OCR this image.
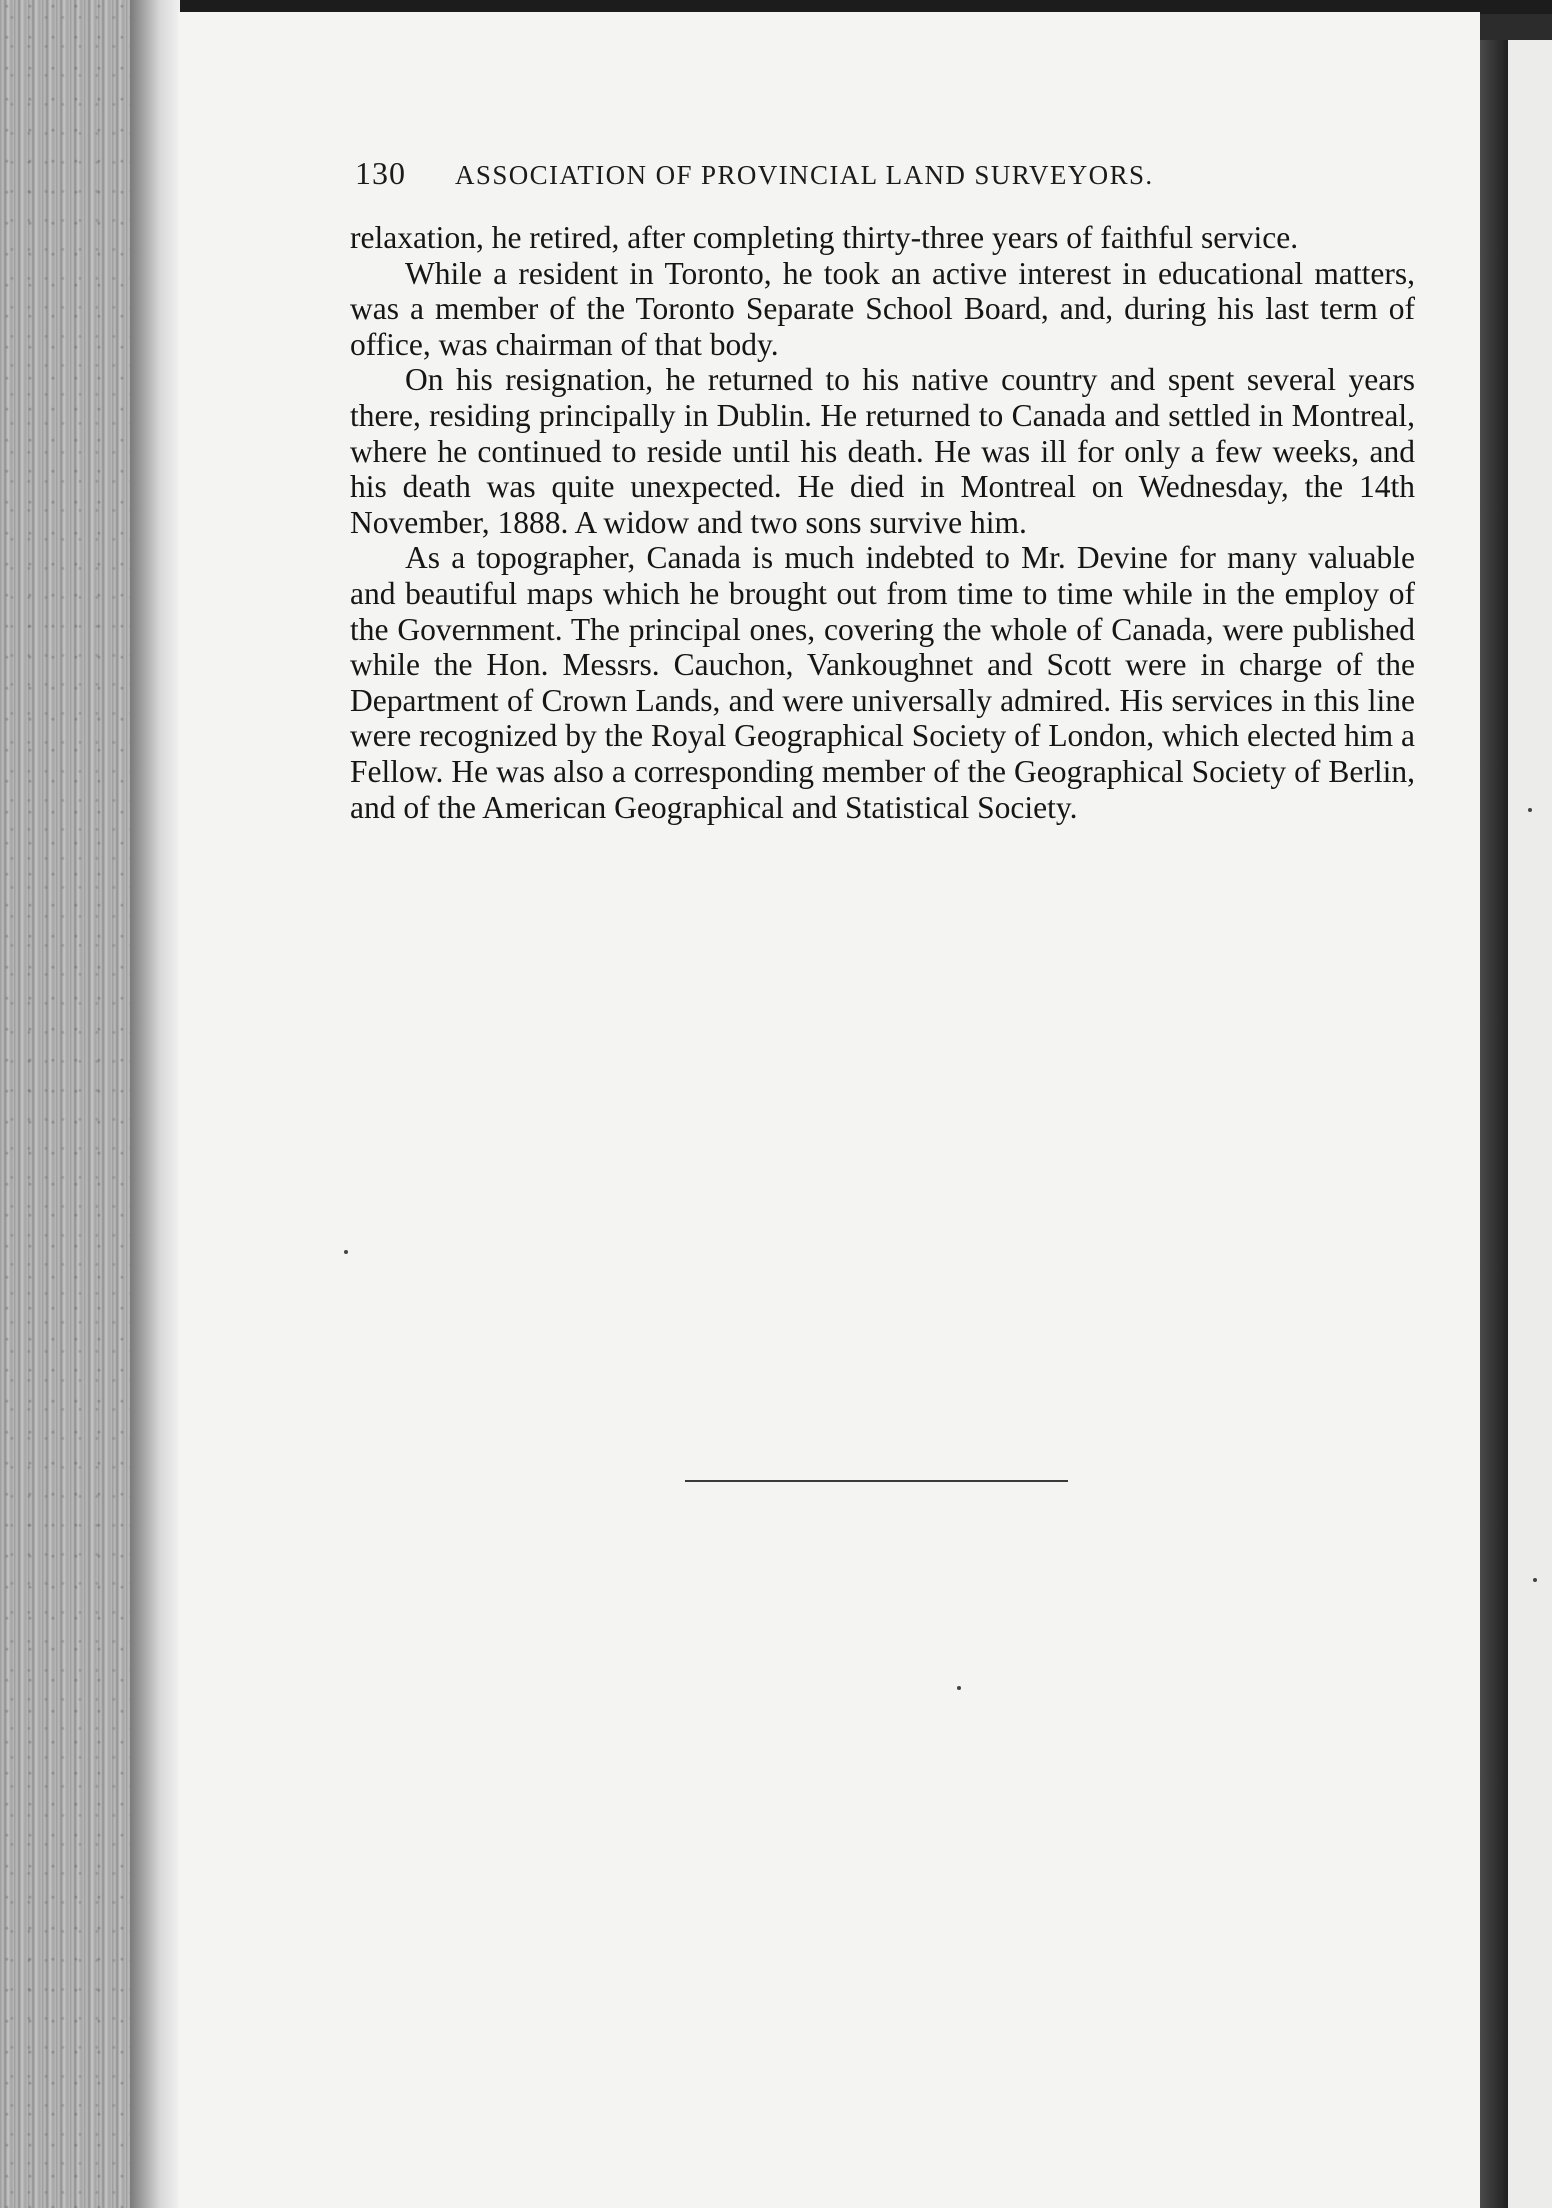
130	ASSOCIATION OF PROVINCIAL LAND SURVEYORS.

relaxation, he retired, after completing thirty-three years of faithful service.

While a resident in Toronto, he took an active interest in educational matters, was a member of the Toronto Separate School Board, and, during his last term of office, was chairman of that body.

On his resignation, he returned to his native country and spent several years there, residing principally in Dublin. He returned to Canada and settled in Montreal, where he continued to reside until his death. He was ill for only a few weeks, and his death was quite unexpected. He died in Montreal on Wednesday, the 14th November, 1888. A widow and two sons survive him.

As a topographer, Canada is much indebted to Mr. Devine for many valuable and beautiful maps which he brought out from time to time while in the employ of the Government. The principal ones, covering the whole of Canada, were published while the Hon. Messrs. Cauchon, Vankoughnet and Scott were in charge of the Department of Crown Lands, and were universally admired. His services in this line were recognized by the Royal Geographical Society of London, which elected him a Fellow. He was also a corresponding member of the Geographical Society of Berlin, and of the American Geographical and Statistical Society.
